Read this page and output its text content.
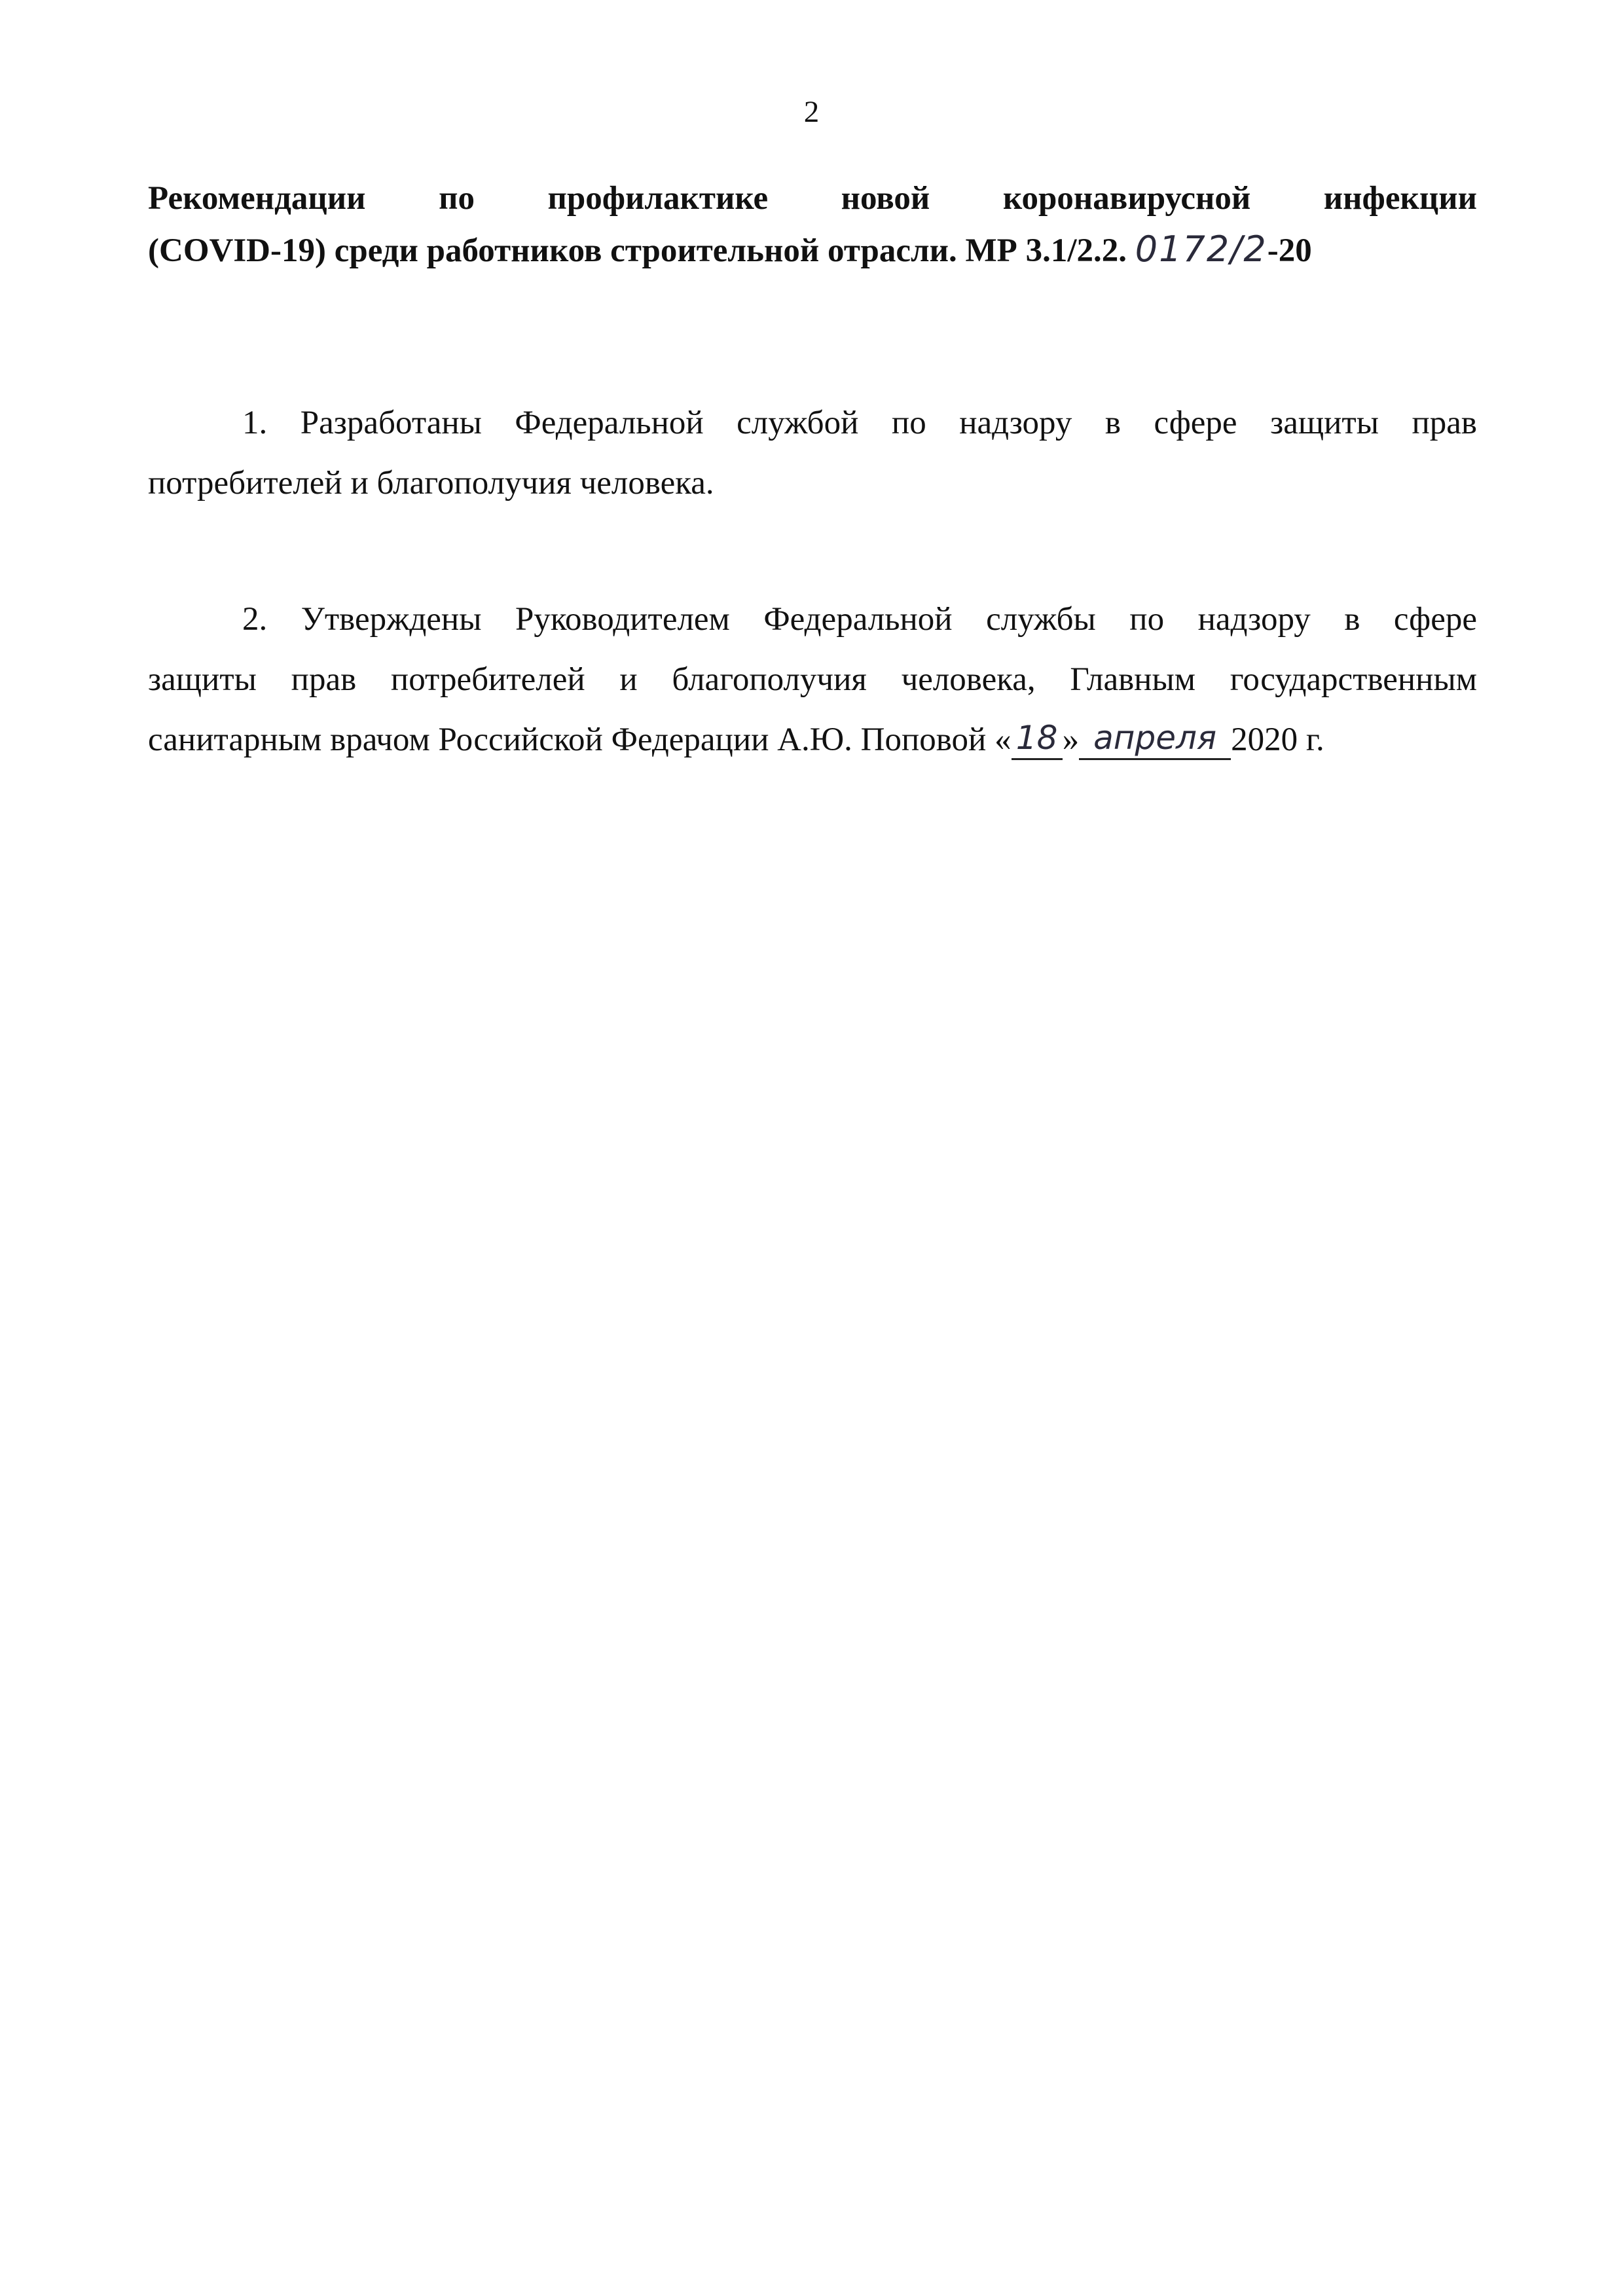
2
Рекомендации по профилактике новой коронавирусной инфекции
(COVID-19) среди работников строительной отрасли. МР 3.1/2.2. 0172/2-20
1. Разработаны Федеральной службой по надзору в сфере защиты прав
потребителей и благополучия человека.
2. Утверждены Руководителем Федеральной службы по надзору в сфере
защиты прав потребителей и благополучия человека, Главным государственным
санитарным врачом Российской Федерации А.Ю. Поповой « 18 » апреля 2020 г.
